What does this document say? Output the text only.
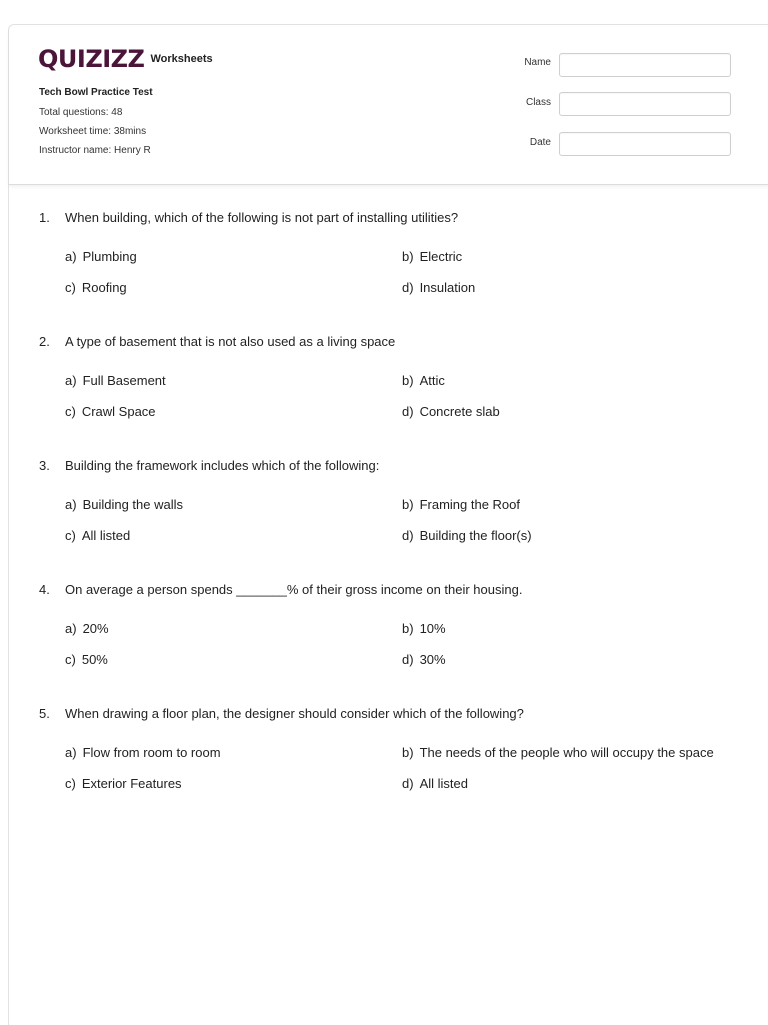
QUIZIZZ Worksheets
Tech Bowl Practice Test
Total questions: 48
Worksheet time: 38mins
Instructor name: Henry R
Name
Class
Date
1. When building, which of the following is not part of installing utilities?
a) Plumbing	b) Electric
c) Roofing	d) Insulation
2. A type of basement that is not also used as a living space
a) Full Basement	b) Attic
c) Crawl Space	d) Concrete slab
3. Building the framework includes which of the following:
a) Building the walls	b) Framing the Roof
c) All listed	d) Building the floor(s)
4. On average a person spends _______% of their gross income on their housing.
a) 20%	b) 10%
c) 50%	d) 30%
5. When drawing a floor plan, the designer should consider which of the following?
a) Flow from room to room	b) The needs of the people who will occupy the space
c) Exterior Features	d) All listed
